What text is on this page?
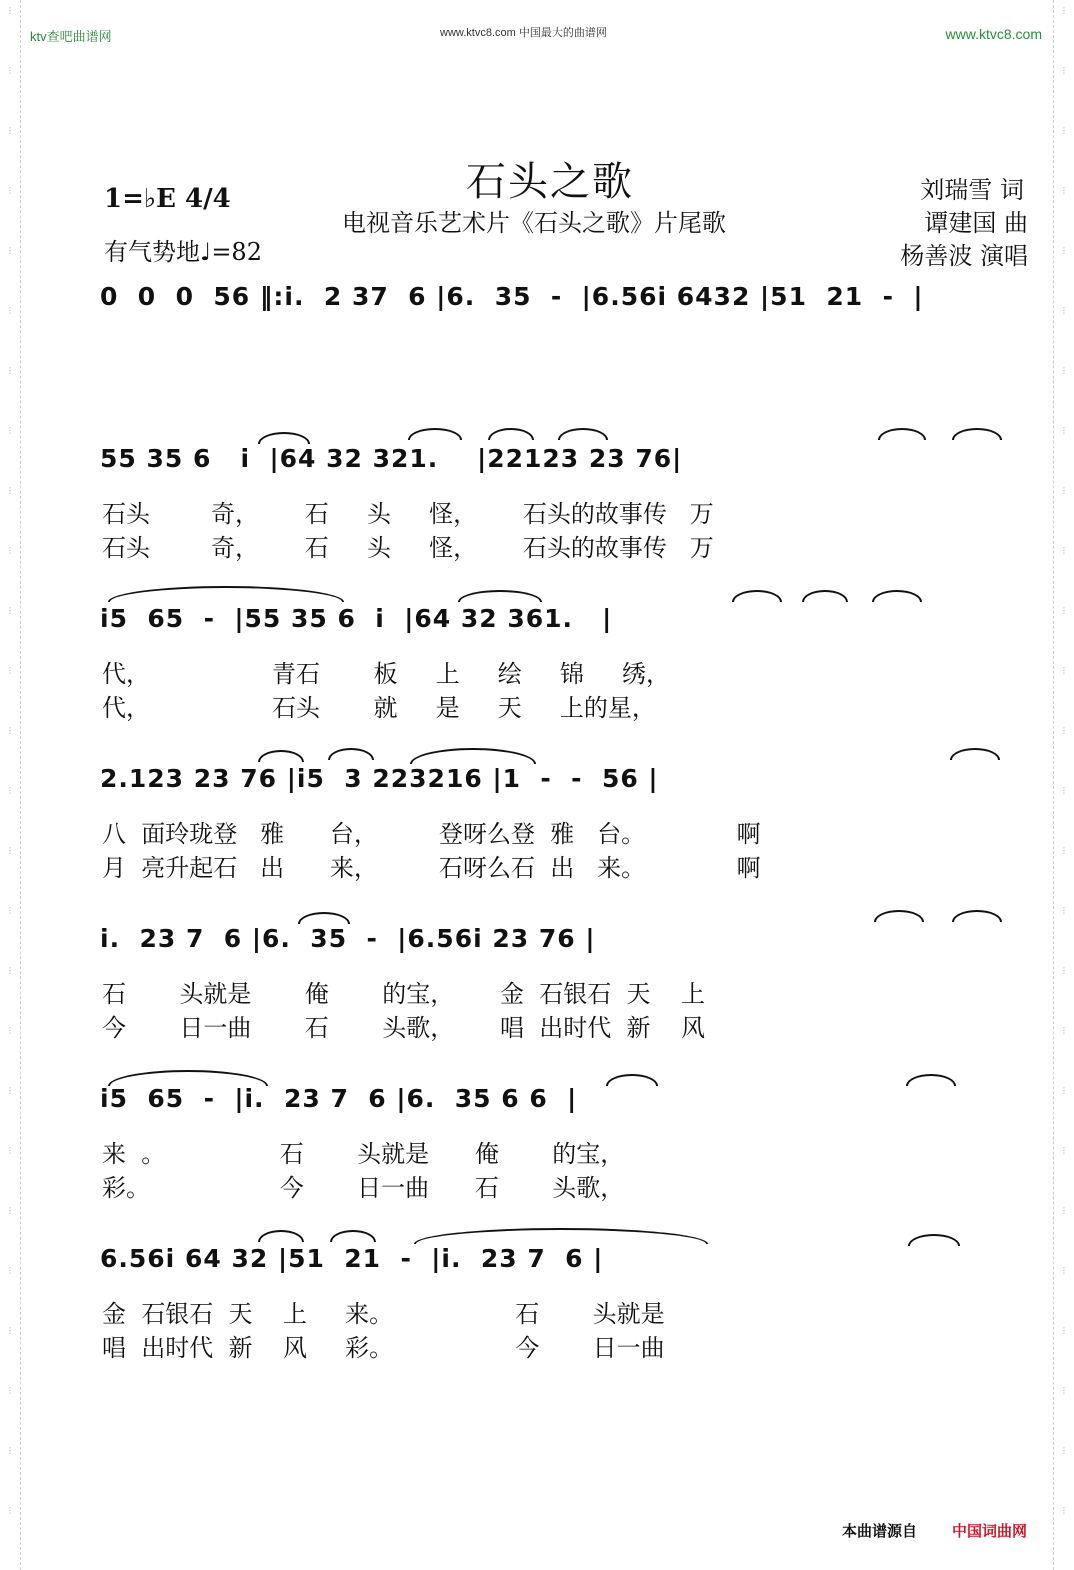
⋮
⋮
⋮
⋮
⋮
⋮
⋮
⋮
⋮
⋮
⋮
⋮
⋮
⋮
⋮
⋮
⋮
⋮
⋮
⋮
⋮
⋮
⋮
⋮
⋮
⋮
⋮
⋮
⋮
⋮
⋮
⋮
⋮
⋮
⋮
⋮
⋮
⋮
⋮
⋮
⋮
⋮
⋮
⋮
⋮
⋮
⋮
⋮
⋮
⋮
⋮
⋮
ktv查吧曲谱网	www.ktvc8.com 中国最大的曲谱网	www.ktvc8.com
石头之歌
电视音乐艺术片《石头之歌》片尾歌
1=♭E 4/4
有气势地♩=82
刘瑞雪 词
谭建国 曲
杨善波 演唱
0  0  0  56 ‖:i.  2 37  6 |6.  35  -  |6.56i 6432 |51  21  -  |
55 35 6   i  |64 32 321.    |22123 23 76|
石头        奇，      石     头     怪，      石头的故事传   万
石头        奇，      石     头     怪，      石头的故事传   万
i5  65  -  |55 35 6  i  |64 32 361.   |
代，                青石       板     上     绘     锦     绣，
代，                石头       就     是     天     上的星，
2.123 23 76 |i5  3 223216 |1  -  -  56 |
八  面玲珑登   雅      台，        登呀么登  雅   台。            啊
月  亮升起石   出      来，        石呀么石  出   来。            啊
i.  23 7  6 |6.  35  -  |6.56i 23 76 |
石       头就是       俺       的宝，      金  石银石  天    上
今       日一曲       石       头歌，      唱  出时代  新    风
i5  65  -  |i.  23 7  6 |6.  35 6 6  |
来  。               石       头就是      俺       的宝，
彩。                 今       日一曲      石       头歌，
6.56i 64 32 |51  21  -  |i.  23 7  6 |
金  石银石  天    上     来。                石       头就是
唱  出时代  新    风     彩。                今       日一曲
本曲谱源自 中国词曲网
